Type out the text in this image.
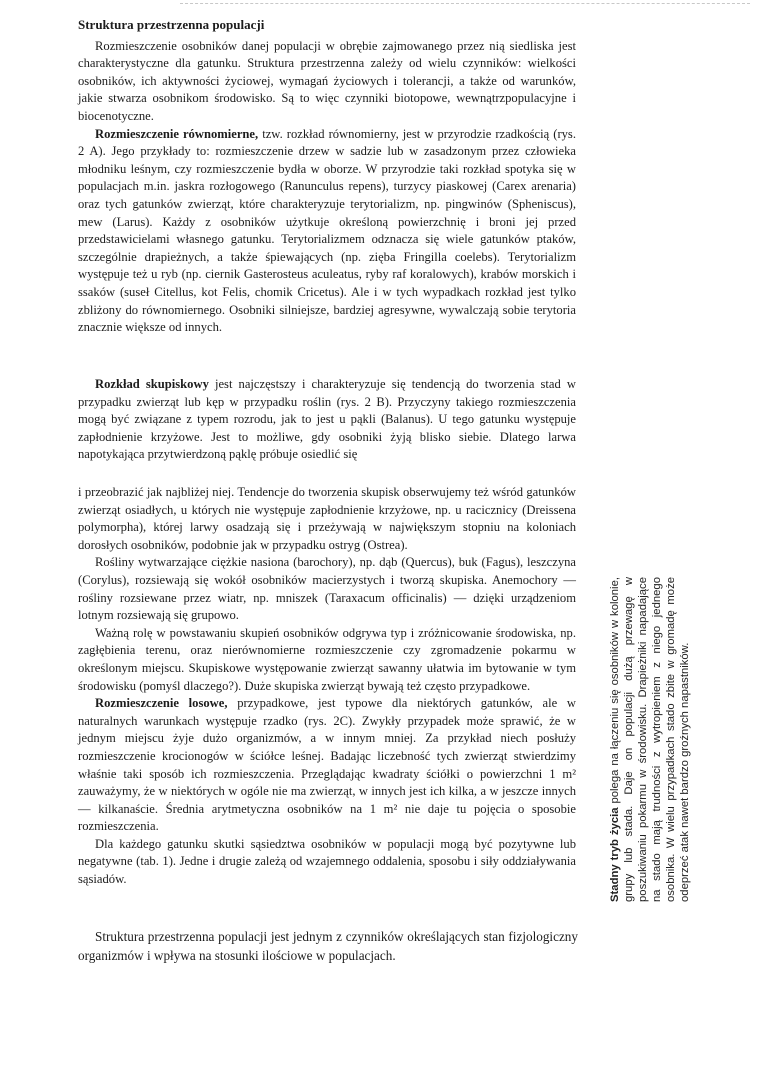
Struktura przestrzenna populacji

Rozmieszczenie osobników danej populacji w obrębie zajmowanego przez nią siedliska jest charakterystyczne dla gatunku. Struktura przestrzenna zależy od wielu czynników: wielkości osobników, ich aktywności życiowej, wymagań życiowych i tolerancji, a także od warunków, jakie stwarza osobnikom środowisko. Są to więc czynniki biotopowe, wewnątrzpopulacyjne i biocenotyczne.

Rozmieszczenie równomierne, tzw. rozkład równomierny, jest w przyrodzie rzadkością (rys. 2 A). Jego przykłady to: rozmieszczenie drzew w sadzie lub w zasadzonym przez człowieka młodniku leśnym, czy rozmieszczenie bydła w oborze. W przyrodzie taki rozkład spotyka się w populacjach m.in. jaskra rozłogowego (Ranunculus repens), turzycy piaskowej (Carex arenaria) oraz tych gatunków zwierząt, które charakteryzuje terytorializm, np. pingwinów (Spheniscus), mew (Larus). Każdy z osobników użytkuje określoną powierzchnię i broni jej przed przedstawicielami własnego gatunku. Terytorializmem odznacza się wiele gatunków ptaków, szczególnie drapieżnych, a także śpiewających (np. zięba Fringilla coelebs). Terytorializm występuje też u ryb (np. ciernik Gasterosteus aculeatus, ryby raf koralowych), krabów morskich i ssaków (suseł Citellus, kot Felis, chomik Cricetus). Ale i w tych wypadkach rozkład jest tylko zbliżony do równomiernego. Osobniki silniejsze, bardziej agresywne, wywalczają sobie terytoria znacznie większe od innych.

Rozkład skupiskowy jest najczęstszy i charakteryzuje się tendencją do tworzenia stad w przypadku zwierząt lub kęp w przypadku roślin (rys. 2 B). Przyczyny takiego rozmieszczenia mogą być związane z typem rozrodu, jak to jest u pąkli (Balanus). U tego gatunku występuje zapłodnienie krzyżowe. Jest to możliwe, gdy osobniki żyją blisko siebie. Dlatego larwa napotykająca przytwierdzoną pąklę próbuje osiedlić się

i przeobrazić jak najbliżej niej. Tendencje do tworzenia skupisk obserwujemy też wśród gatunków zwierząt osiadłych, u których nie występuje zapłodnienie krzyżowe, np. u racicznicy (Dreissena polymorpha), której larwy osadzają się i przeżywają w największym stopniu na koloniach dorosłych osobników, podobnie jak w przypadku ostryg (Ostrea).

Rośliny wytwarzające ciężkie nasiona (barochory), np. dąb (Quercus), buk (Fagus), leszczyna (Corylus), rozsiewają się wokół osobników macierzystych i tworzą skupiska. Anemochory — rośliny rozsiewane przez wiatr, np. mniszek (Taraxacum officinalis) — dzięki urządzeniom lotnym rozsiewają się grupowo.

Ważną rolę w powstawaniu skupień osobników odgrywa typ i zróżnicowanie środowiska, np. zagłębienia terenu, oraz nierównomierne rozmieszczenie czy zgromadzenie pokarmu w określonym miejscu. Skupiskowe występowanie zwierząt sawanny ułatwia im bytowanie w tym środowisku (pomyśl dlaczego?). Duże skupiska zwierząt bywają też często przypadkowe.

Rozmieszczenie losowe, przypadkowe, jest typowe dla niektórych gatunków, ale w naturalnych warunkach występuje rzadko (rys. 2C). Zwykły przypadek może sprawić, że w jednym miejscu żyje dużo organizmów, a w innym mniej. Za przykład niech posłuży rozmieszczenie krocionogów w ściółce leśnej. Badając liczebność tych zwierząt stwierdzimy właśnie taki sposób ich rozmieszczenia. Przeglądając kwadraty ściółki o powierzchni 1 m² zauważymy, że w niektórych w ogóle nie ma zwierząt, w innych jest ich kilka, a w jeszcze innych — kilkanaście. Średnia arytmetyczna osobników na 1 m² nie daje tu pojęcia o sposobie rozmieszczenia.

Dla każdego gatunku skutki sąsiedztwa osobników w populacji mogą być pozytywne lub negatywne (tab. 1). Jedne i drugie zależą od wzajemnego oddalenia, sposobu i siły oddziaływania sąsiadów.

Struktura przestrzenna populacji jest jednym z czynników określających stan fizjologiczny organizmów i wpływa na stosunki ilościowe w populacjach.

Stadny tryb życia polega na łączeniu się osobników w kolonie, grupy lub stada. Daje on populacji dużą przewagę w poszukiwaniu pokarmu w środowisku. Drapieżniki napadające na stado mają trudności z wytropieniem z niego jednego osobnika. W wielu przypadkach stado zbite w gromadę może odeprzeć atak nawet bardzo groźnych napastników.
